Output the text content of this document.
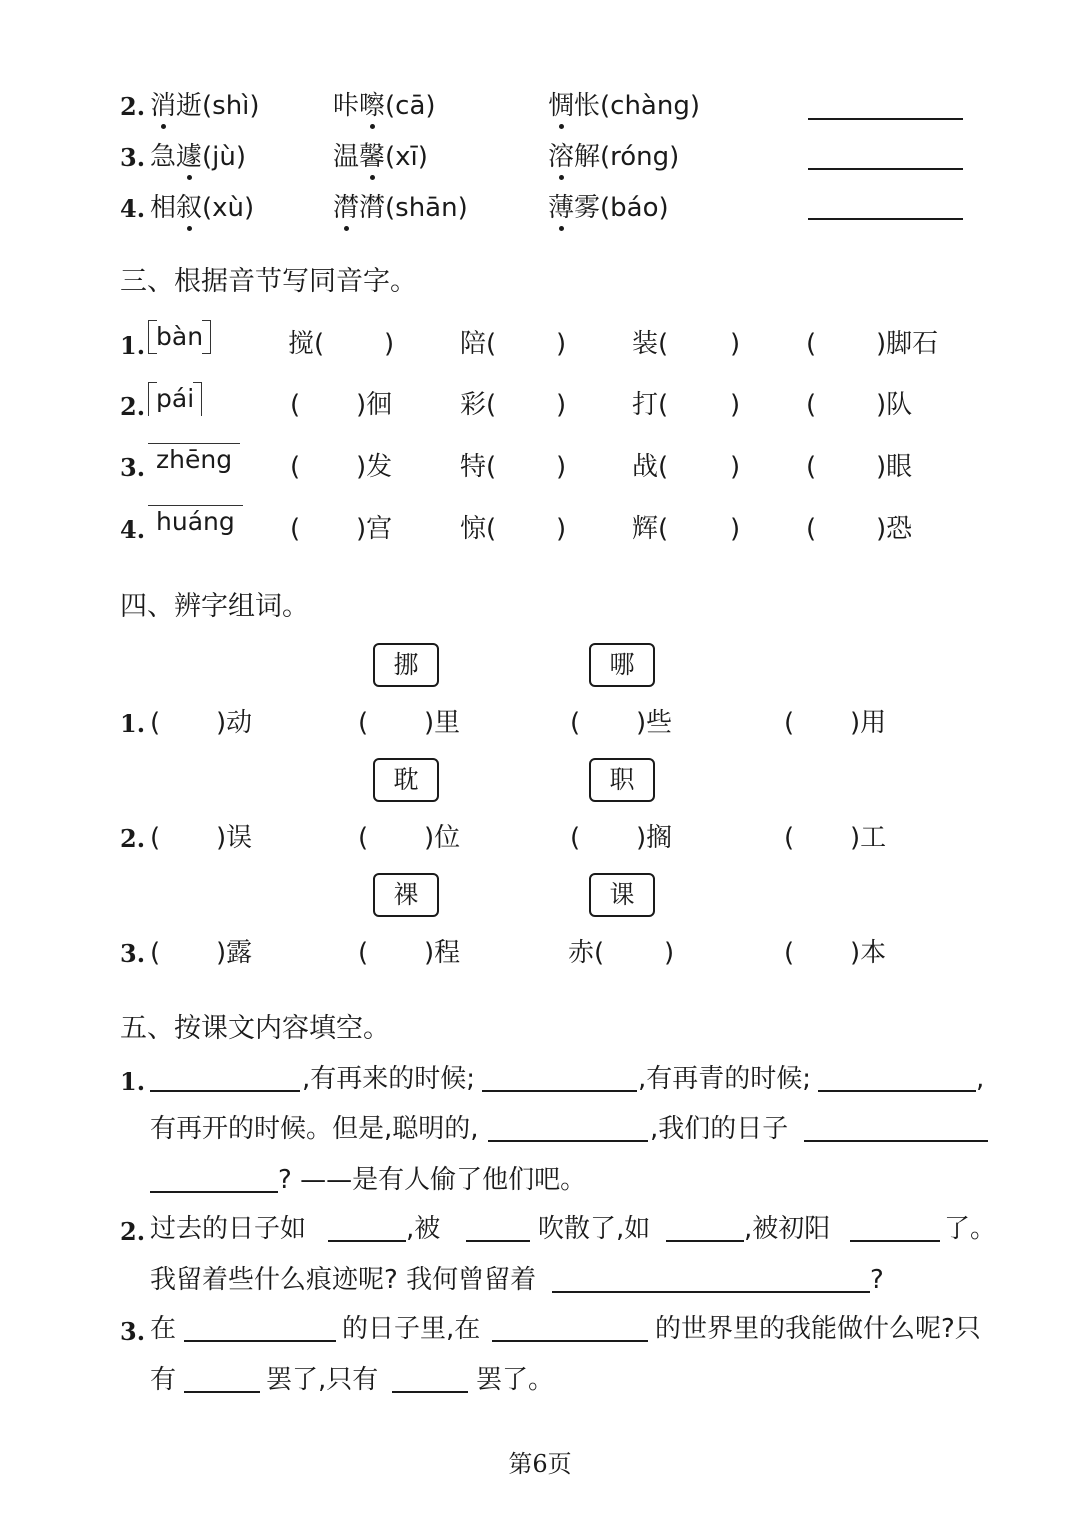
2. 消逝(shì)	咔嚓(cā)	惆怅(chàng)
3. 急遽(jù)	温馨(xī)	溶解(róng)
4. 相叙(xù)	潸潸(shān)	薄雾(báo)
三、根据音节写同音字。
1. bàn	搅( )	陪( )	装( )	( )脚石
2. pái	( )徊	彩( )	打( )	( )队
3. zhēng	( )发	特( )	战( )	( )眼
4. huáng	( )宫	惊( )	辉( )	( )恐
四、辨字组词。
挪	哪
1. ( )动	( )里	( )些	( )用
耽	职
2. ( )误	( )位	( )搁	( )工
祼	课
3. ( )露	( )程	赤( )	( )本
五、按课文内容填空。
1.	,有再来的时候;	,有再青的时候;	,
有再开的时候。但是,聪明的,	,我们的日子
? ——是有人偷了他们吧。
2. 过去的日子如	,被	吹散了,如	,被初阳	了。
我留着些什么痕迹呢? 我何曾留着	?
3. 在	的日子里,在	的世界里的我能做什么呢?只
有	罢了,只有	罢了。
第6页
